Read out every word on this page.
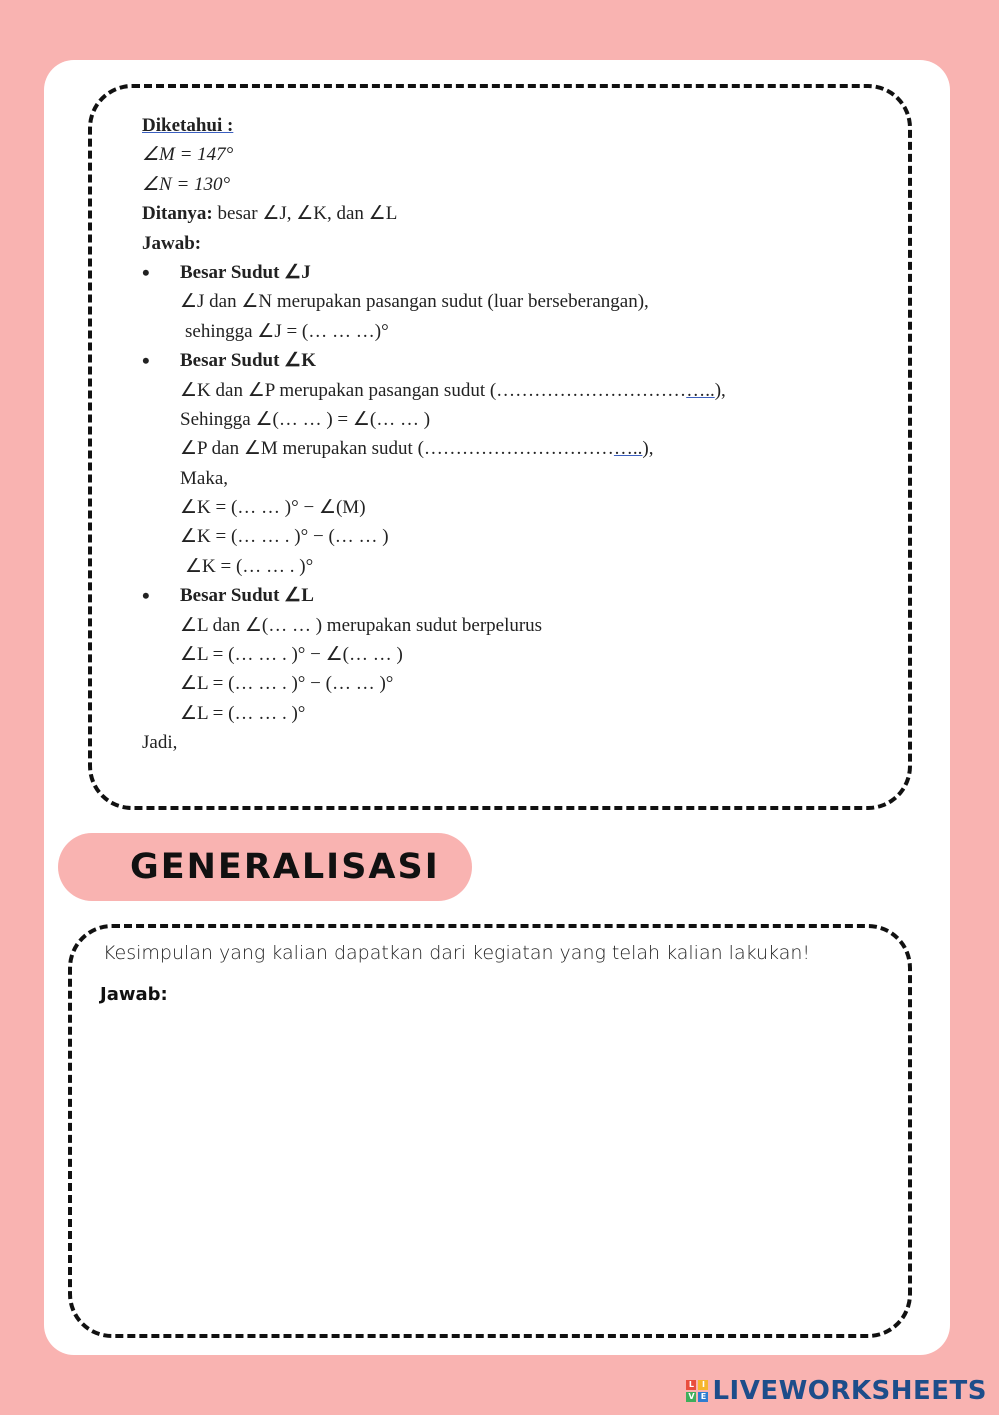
Diketahui :
∠M = 147°
∠N = 130°
Ditanya: besar ∠J, ∠K, dan ∠L
Jawab:
•	Besar Sudut ∠J
∠J dan ∠N merupakan pasangan sudut (luar berseberangan),
sehingga ∠J = (… … …)°
•	Besar Sudut ∠K
∠K dan ∠P merupakan pasangan sudut (……………………………..),
Sehingga ∠(… … ) = ∠(… … )
∠P dan ∠M merupakan sudut (……………………………..),
Maka,
∠K = (… … )° − ∠(M)
∠K = (… … . )° − (… … )
∠K = (… … . )°
•	Besar Sudut ∠L
∠L dan ∠(… … ) merupakan sudut berpelurus
∠L = (… … . )° − ∠(… … )
∠L = (… … . )° − (… … )°
∠L = (… … . )°
Jadi,
GENERALISASI
Kesimpulan yang kalian dapatkan dari kegiatan yang telah kalian lakukan!
Jawab:
L I
V E LIVEWORKSHEETS
